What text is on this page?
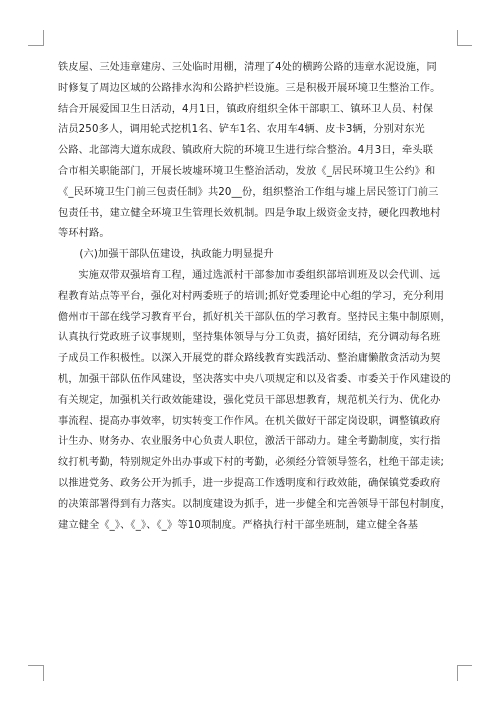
铁皮屋、三处违章建房、三处临时用棚，清理了4处的横跨公路的违章水泥设施，同
时修复了周边区域的公路排水沟和公路护栏设施。三是积极开展环境卫生整治工作。
结合开展爱国卫生日活动，4月1日，镇政府组织全体干部职工、镇环卫人员、村保
洁员250多人，调用轮式挖机1名、铲车1名、农用车4辆、皮卡3辆，分别对东光
公路、北部湾大道东成段、镇政府大院的环境卫生进行综合整治。4月3日，牵头联
合市相关职能部门，开展长坡墟环境卫生整治活动，发放《_居民环境卫生公约》和
《_民环境卫生门前三包责任制》共20__份，组织整治工作组与墟上居民签订门前三
包责任书，建立健全环境卫生管理长效机制。四是争取上级资金支持，硬化四教地村
等环村路。
(六)加强干部队伍建设，执政能力明显提升
实施双带双强培育工程，通过选派村干部参加市委组织部培训班及以会代训、远
程教育站点等平台，强化对村两委班子的培训;抓好党委理论中心组的学习，充分利用
儋州市干部在线学习教育平台，抓好机关干部队伍的学习教育。坚持民主集中制原则，
认真执行党政班子议事规则，坚持集体领导与分工负责，搞好团结，充分调动每名班
子成员工作积极性。以深入开展党的群众路线教育实践活动、整治庸懒散贪活动为契
机，加强干部队伍作风建设，坚决落实中央八项规定和以及省委、市委关于作风建设的
有关规定，加强机关行政效能建设，强化党员干部思想教育，规范机关行为、优化办
事流程、提高办事效率，切实转变工作作风。在机关做好干部定岗设职，调整镇政府
计生办、财务办、农业服务中心负责人职位，激活干部动力。建全考勤制度，实行指
纹打机考勤，特别规定外出办事或下村的考勤，必须经分管领导签名，杜绝干部走读;
以推进党务、政务公开为抓手，进一步提高工作透明度和行政效能，确保镇党委政府
的决策部署得到有力落实。以制度建设为抓手，进一步健全和完善领导干部包村制度，
建立健全《_》、《_》、《_》等10项制度。严格执行村干部坐班制，建立健全各基
